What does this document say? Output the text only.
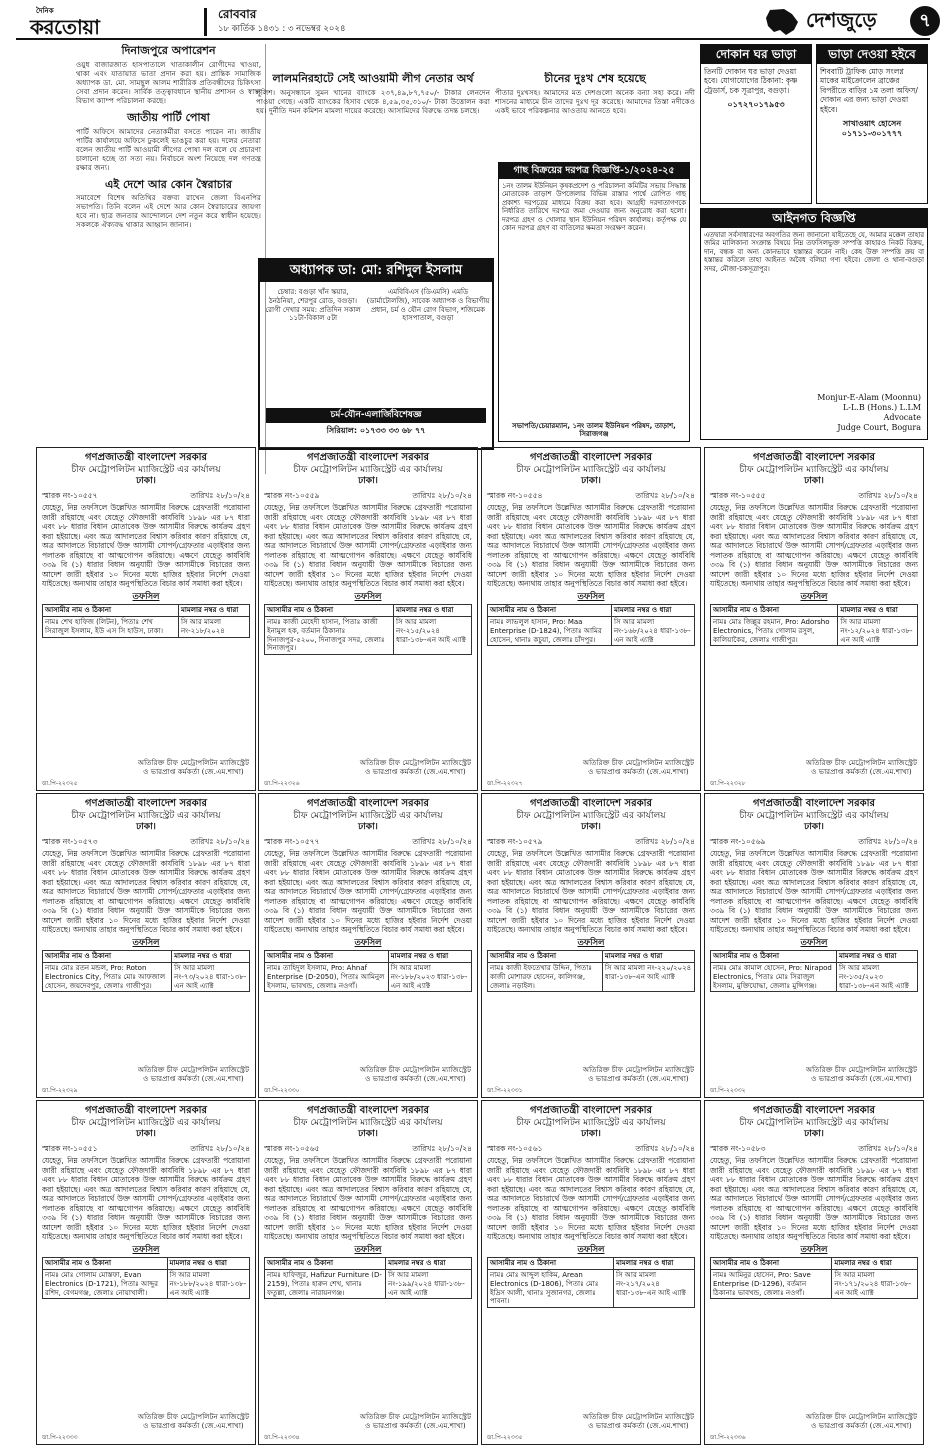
দৈনিক
করতোয়া
রোববার
১৮ কার্তিক ১৪৩১ : ৩ নভেম্বর ২০২৪	দেশজুড়ে	৭
দিনাজপুরে অপারেশন
ওয়ুধ বাজারজাত হাসপাতালে খাতাকালীন রোগীদের খাওয়া, থাকা এবং যাতায়াত ভাতা প্রদান করা হয়। প্রান্তিক সামাজিক অধ্যাপক ডা. মো. সামছুল আলম শারীরিক প্রতিবন্ধীদের চিকিৎসা সেবা প্রদান করেন। সার্বিক তত্ত্বাবধানে স্থানীয় প্রশাসন ও স্বাস্থ্য বিভাগ ক্যাম্প পরিচালনা করছে।
জাতীয় পার্টি পোষা
পার্টি অফিসে আমাদের নেতাকর্মীরা বসতে পারেন না। জাতীয় পার্টির কার্যালয়ে অফিসে ঢুকলেই ভাঙচুর করা হয়। দলের নেতারা বলেন জাতীয় পার্টি আওয়ামী লীগের পোষা দল বলে যে প্রচারণা চালানো হচ্ছে তা সত্য নয়। নির্বাচনে অংশ নিয়েছে দল গণতন্ত্র রক্ষার জন্য।
এই দেশে আর কোন স্বৈরাচার
সমাবেশে বিশেষ অতিথির বক্তব্য রাখেন জেলা বিএনপির সভাপতি। তিনি বলেন এই দেশে আর কোন স্বৈরাচারের জায়গা হবে না। ছাত্র জনতার আন্দোলনে দেশ নতুন করে স্বাধীন হয়েছে। সকলকে ঐক্যবদ্ধ থাকার আহ্বান জানান।
লালমনিরহাটে সেই আওয়ামী লীগ নেতার অর্থ
পুলিশ। অনুসন্ধানে সুমন খানের ব্যাংকে ২৩৭,৪৯,৮৭,৭৫০/- টাকার লেনদেন পাওয়া গেছে। একটি ব্যাংকের হিসাব থেকে ৪,৫৯,৩৫,৩১০/- টাকা উত্তোলন করা হয়। দুর্নীতি দমন কমিশন মামলা দায়ের করেছে। আসামিদের বিরুদ্ধে তদন্ত চলছে।
চীনের দুঃখ শেষ হয়েছে
পীতার দুঃখসহ। আমাদের মত দেশগুলো অনেক বন্যা সহ্য করে। নদী শাসনের মাধ্যমে চীন তাদের দুঃখ দূর করেছে। আমাদের তিস্তা নদীকেও একই ভাবে পরিকল্পনার আওতায় আনতে হবে।
অধ্যাপক ডা: মো: রশিদুল ইসলাম
চেম্বার: বগুড়া খাঁন স্কয়ার, ঠনঠনিয়া, শেরপুর রোড, বগুড়া। রোগী দেখার সময়: প্রতিদিন সকাল ১১টা-বিকাল ৫টা
এমবিবিএস (ডিএমসি) এমডি (ডার্মাটোলজি), সাবেক অধ্যাপক ও বিভাগীয় প্রধান, চর্ম ও যৌন রোগ বিভাগ, শজিমেক হাসপাতাল, বগুড়া
চর্ম-যৌন-এলার্জিবিশেষজ্ঞ
সিরিয়াল: ০১৭৩৩ ৩৩ ৬৮ ৭৭
গাছ বিক্রয়ের দরপত্র বিজ্ঞপ্তি-১/২০২৪-২৫
১নং তালম ইউনিয়ন কৃষকপ্রদেশ ও পরিচালনা কমিটির সভায় সিদ্ধান্ত মোতাবেক তাড়াশ উপজেলার বিভিন্ন রাস্তার পার্শ্বে রোপিত গাছ প্রকাশ্য দরপত্রের মাধ্যমে বিক্রয় করা হবে। আগ্রহী দরদাতাগণকে নির্ধারিত তারিখে দরপত্র জমা দেওয়ার জন্য অনুরোধ করা হলো। দরপত্র গ্রহণ ও খোলার স্থান ইউনিয়ন পরিষদ কার্যালয়। কর্তৃপক্ষ যে কোন দরপত্র গ্রহণ বা বাতিলের ক্ষমতা সংরক্ষণ করেন।
সভাপতি/চেয়ারম্যান, ১নং তালম ইউনিয়ন পরিষদ, তাড়াশ, সিরাজগঞ্জ
দোকান ঘর ভাড়া
তিনটি দোকান ঘর ভাড়া দেওয়া হবে। যোগাযোগের ঠিকানা: কৃষ্ণ ট্রেডার্স, চক সূত্রাপুর, বগুড়া।
০১৭২৭০১৭৯৫৩
ভাড়া দেওয়া হইবে
শিববাটি ট্রাফিক মোড় সংলগ্ন মাকের মাইক্রোলেন ব্রাঞ্চের বিপরীতে বাড়ির ১ম তলা অফিস/দোকান এর জন্য ভাড়া দেওয়া হইবে।
সাখাওয়াৎ হোসেন ০১৭১১-৩০১৭৭৭
আইনগত বিজ্ঞপ্তি
এতদ্বারা সর্বসাধারণের অবগতির জন্য জানানো যাইতেছে যে, আমার মক্কেল তাহার জমির মালিকানা সংক্রান্ত বিষয়ে নিম্ন তফসিলভুক্ত সম্পত্তি কাহারও নিকট বিক্রয়, দান, বন্ধক বা অন্য কোনভাবে হস্তান্তর করেন নাই। কেহ উক্ত সম্পত্তি ক্রয় বা হস্তান্তর করিলে তাহা আইনত অবৈধ বলিয়া গণ্য হইবে। জেলা ও থানা-বগুড়া সদর, মৌজা-চকসূত্রাপুর।
Monjur-E-Alam (Moonnu)
L-L.B (Hons.) L.LM
Advocate
Judge Court, Bogura
গণপ্রজাতন্ত্রী বাংলাদেশ সরকার
চীফ মেট্রোপলিটন ম্যাজিস্ট্রেট এর কার্যালয়
ঢাকা।
স্মারক নং-১০৫৫৭	তারিখঃ ২৮/১০/২৪
যেহেতু, নিম্ন তফসিলে উল্লেখিত আসামীর বিরুদ্ধে গ্রেফতারী পরোয়ানা জারী রহিয়াছে এবং যেহেতু ফৌজদারী কার্যবিধি ১৮৯৮ এর ৮৭ ধারা এবং ৮৮ ধারার বিধান মোতাবেক উক্ত আসামীর বিরুদ্ধে কার্যক্রম গ্রহণ করা হইয়াছে। এবং অত্র আদালতের বিশ্বাস করিবার কারণ রহিয়াছে যে, অত্র আদালতে বিচারার্থে উক্ত আসামী সোপর্দ/গ্রেফতার এড়াইবার জন্য পলাতক রহিয়াছে বা আত্মগোপন করিয়াছে। এক্ষণে যেহেতু কার্যবিধি ৩৩৯ বি (১) ধারার বিধান অনুযায়ী উক্ত আসামীকে বিচারের জন্য আদেশ জারী হইবার ১০ দিনের মধ্যে হাজির হইবার নির্দেশ দেওয়া যাইতেছে। অন্যথায় তাহার অনুপস্থিতিতে বিচার কার্য সমাধা করা হইবে।
তফসিল
আসামীর নাম ও ঠিকানা	মামলার নম্বর ও ধারা
নামঃ শেখ হাফিজ (লিটন), পিতাঃ শেখ সিরাজুল ইসলাম, ইউ এস সি হাউস, ঢাকা।	সি আর মামলা নং-২১৮/২০২৪
অতিরিক্ত চীফ মেট্রোপলিটন ম্যাজিস্ট্রেট
ও ভারপ্রাপ্ত কর্মকর্তা (জে.এম.শাখা)
ডা.পি-২২৩২৫
গণপ্রজাতন্ত্রী বাংলাদেশ সরকার
চীফ মেট্রোপলিটন ম্যাজিস্ট্রেট এর কার্যালয়
ঢাকা।
স্মারক নং-১০৫৫৯	তারিখঃ ২৮/১০/২৪
যেহেতু, নিম্ন তফসিলে উল্লেখিত আসামীর বিরুদ্ধে গ্রেফতারী পরোয়ানা জারী রহিয়াছে এবং যেহেতু ফৌজদারী কার্যবিধি ১৮৯৮ এর ৮৭ ধারা এবং ৮৮ ধারার বিধান মোতাবেক উক্ত আসামীর বিরুদ্ধে কার্যক্রম গ্রহণ করা হইয়াছে। এবং অত্র আদালতের বিশ্বাস করিবার কারণ রহিয়াছে যে, অত্র আদালতে বিচারার্থে উক্ত আসামী সোপর্দ/গ্রেফতার এড়াইবার জন্য পলাতক রহিয়াছে বা আত্মগোপন করিয়াছে। এক্ষণে যেহেতু কার্যবিধি ৩৩৯ বি (১) ধারার বিধান অনুযায়ী উক্ত আসামীকে বিচারের জন্য আদেশ জারী হইবার ১০ দিনের মধ্যে হাজির হইবার নির্দেশ দেওয়া যাইতেছে। অন্যথায় তাহার অনুপস্থিতিতে বিচার কার্য সমাধা করা হইবে।
তফসিল
আসামীর নাম ও ঠিকানা	মামলার নম্বর ও ধারা
নামঃ কাজী মেহেদী হাসান, পিতাঃ কাজী ইনামুল হক, বর্তমান ঠিকানাঃ দিনাজপুর-৫২০০, দিনাজপুর সদর, জেলাঃ দিনাজপুর।	সি আর মামলা নং-২১৫/২০২৪ ধারা-১৩৮-এন আই এ্যাক্ট
অতিরিক্ত চীফ মেট্রোপলিটন ম্যাজিস্ট্রেট
ও ভারপ্রাপ্ত কর্মকর্তা (জে.এম.শাখা)
ডা.পি-২২৩২৬
গণপ্রজাতন্ত্রী বাংলাদেশ সরকার
চীফ মেট্রোপলিটন ম্যাজিস্ট্রেট এর কার্যালয়
ঢাকা।
স্মারক নং-১০৫৫৪	তারিখঃ ২৮/১০/২৪
যেহেতু, নিম্ন তফসিলে উল্লেখিত আসামীর বিরুদ্ধে গ্রেফতারী পরোয়ানা জারী রহিয়াছে এবং যেহেতু ফৌজদারী কার্যবিধি ১৮৯৮ এর ৮৭ ধারা এবং ৮৮ ধারার বিধান মোতাবেক উক্ত আসামীর বিরুদ্ধে কার্যক্রম গ্রহণ করা হইয়াছে। এবং অত্র আদালতের বিশ্বাস করিবার কারণ রহিয়াছে যে, অত্র আদালতে বিচারার্থে উক্ত আসামী সোপর্দ/গ্রেফতার এড়াইবার জন্য পলাতক রহিয়াছে বা আত্মগোপন করিয়াছে। এক্ষণে যেহেতু কার্যবিধি ৩৩৯ বি (১) ধারার বিধান অনুযায়ী উক্ত আসামীকে বিচারের জন্য আদেশ জারী হইবার ১০ দিনের মধ্যে হাজির হইবার নির্দেশ দেওয়া যাইতেছে। অন্যথায় তাহার অনুপস্থিতিতে বিচার কার্য সমাধা করা হইবে।
তফসিল
আসামীর নাম ও ঠিকানা	মামলার নম্বর ও ধারা
নামঃ লাভলুল হাসান, Pro: Maa Enterprise (D-1824), পিতাঃ আমির হোসেন, থানাঃ কচুয়া, জেলাঃ চাঁদপুর।	সি আর মামলা নং-১৬৮/২০২৪ ধারা-১৩৮-এন আই এ্যাক্ট
অতিরিক্ত চীফ মেট্রোপলিটন ম্যাজিস্ট্রেট
ও ভারপ্রাপ্ত কর্মকর্তা (জে.এম.শাখা)
ডা.পি-২২৩২৭
গণপ্রজাতন্ত্রী বাংলাদেশ সরকার
চীফ মেট্রোপলিটন ম্যাজিস্ট্রেট এর কার্যালয়
ঢাকা।
স্মারক নং-১০৫৫৫	তারিখঃ ২৮/১০/২৪
যেহেতু, নিম্ন তফসিলে উল্লেখিত আসামীর বিরুদ্ধে গ্রেফতারী পরোয়ানা জারী রহিয়াছে এবং যেহেতু ফৌজদারী কার্যবিধি ১৮৯৮ এর ৮৭ ধারা এবং ৮৮ ধারার বিধান মোতাবেক উক্ত আসামীর বিরুদ্ধে কার্যক্রম গ্রহণ করা হইয়াছে। এবং অত্র আদালতের বিশ্বাস করিবার কারণ রহিয়াছে যে, অত্র আদালতে বিচারার্থে উক্ত আসামী সোপর্দ/গ্রেফতার এড়াইবার জন্য পলাতক রহিয়াছে বা আত্মগোপন করিয়াছে। এক্ষণে যেহেতু কার্যবিধি ৩৩৯ বি (১) ধারার বিধান অনুযায়ী উক্ত আসামীকে বিচারের জন্য আদেশ জারী হইবার ১০ দিনের মধ্যে হাজির হইবার নির্দেশ দেওয়া যাইতেছে। অন্যথায় তাহার অনুপস্থিতিতে বিচার কার্য সমাধা করা হইবে।
তফসিল
আসামীর নাম ও ঠিকানা	মামলার নম্বর ও ধারা
নামঃ মোঃ জিল্লুর রহমান, Pro: Adorsho Electronics, পিতাঃ গোলাম রসুল, কালিয়াকৈর, জেলাঃ গাজীপুর।	সি আর মামলা নং-১২/২০২৪ ধারা-১৩৮-এন আই এ্যাক্ট
অতিরিক্ত চীফ মেট্রোপলিটন ম্যাজিস্ট্রেট
ও ভারপ্রাপ্ত কর্মকর্তা (জে.এম.শাখা)
ডা.পি-২২৩২৮
গণপ্রজাতন্ত্রী বাংলাদেশ সরকার
চীফ মেট্রোপলিটন ম্যাজিস্ট্রেট এর কার্যালয়
ঢাকা।
স্মারক নং-১০৫৭৩	তারিখঃ ২৮/১০/২৪
যেহেতু, নিম্ন তফসিলে উল্লেখিত আসামীর বিরুদ্ধে গ্রেফতারী পরোয়ানা জারী রহিয়াছে এবং যেহেতু ফৌজদারী কার্যবিধি ১৮৯৮ এর ৮৭ ধারা এবং ৮৮ ধারার বিধান মোতাবেক উক্ত আসামীর বিরুদ্ধে কার্যক্রম গ্রহণ করা হইয়াছে। এবং অত্র আদালতের বিশ্বাস করিবার কারণ রহিয়াছে যে, অত্র আদালতে বিচারার্থে উক্ত আসামী সোপর্দ/গ্রেফতার এড়াইবার জন্য পলাতক রহিয়াছে বা আত্মগোপন করিয়াছে। এক্ষণে যেহেতু কার্যবিধি ৩৩৯ বি (১) ধারার বিধান অনুযায়ী উক্ত আসামীকে বিচারের জন্য আদেশ জারী হইবার ১০ দিনের মধ্যে হাজির হইবার নির্দেশ দেওয়া যাইতেছে। অন্যথায় তাহার অনুপস্থিতিতে বিচার কার্য সমাধা করা হইবে।
তফসিল
আসামীর নাম ও ঠিকানা	মামলার নম্বর ও ধারা
নামঃ মোঃ রতন মন্ডল, Pro: Roton Electronics City, পিতাঃ মোঃ আফজাল হোসেন, জয়দেবপুর, জেলাঃ গাজীপুর।	সি আর মামলা নং-৭৩/২০২৪ ধারা-১৩৮-এন আই এ্যাক্ট
অতিরিক্ত চীফ মেট্রোপলিটন ম্যাজিস্ট্রেট
ও ভারপ্রাপ্ত কর্মকর্তা (জে.এম.শাখা)
ডা.পি-২২৩২৯
গণপ্রজাতন্ত্রী বাংলাদেশ সরকার
চীফ মেট্রোপলিটন ম্যাজিস্ট্রেট এর কার্যালয়
ঢাকা।
স্মারক নং-১০৫৭৭	তারিখঃ ২৮/১০/২৪
যেহেতু, নিম্ন তফসিলে উল্লেখিত আসামীর বিরুদ্ধে গ্রেফতারী পরোয়ানা জারী রহিয়াছে এবং যেহেতু ফৌজদারী কার্যবিধি ১৮৯৮ এর ৮৭ ধারা এবং ৮৮ ধারার বিধান মোতাবেক উক্ত আসামীর বিরুদ্ধে কার্যক্রম গ্রহণ করা হইয়াছে। এবং অত্র আদালতের বিশ্বাস করিবার কারণ রহিয়াছে যে, অত্র আদালতে বিচারার্থে উক্ত আসামী সোপর্দ/গ্রেফতার এড়াইবার জন্য পলাতক রহিয়াছে বা আত্মগোপন করিয়াছে। এক্ষণে যেহেতু কার্যবিধি ৩৩৯ বি (১) ধারার বিধান অনুযায়ী উক্ত আসামীকে বিচারের জন্য আদেশ জারী হইবার ১০ দিনের মধ্যে হাজির হইবার নির্দেশ দেওয়া যাইতেছে। অন্যথায় তাহার অনুপস্থিতিতে বিচার কার্য সমাধা করা হইবে।
তফসিল
আসামীর নাম ও ঠিকানা	মামলার নম্বর ও ধারা
নামঃ তাহিদুল ইসলাম, Pro: Ahnaf Enterprise (D-2050), পিতাঃ আমিনুল ইসলাম, ভাবখন্ড, জেলাঃ নওগাঁ।	সি আর মামলা নং-১৮৮/২০২৩ ধারা-১৩৮-এন আই এ্যাক্ট
অতিরিক্ত চীফ মেট্রোপলিটন ম্যাজিস্ট্রেট
ও ভারপ্রাপ্ত কর্মকর্তা (জে.এম.শাখা)
ডা.পি-২২৩৩০
গণপ্রজাতন্ত্রী বাংলাদেশ সরকার
চীফ মেট্রোপলিটন ম্যাজিস্ট্রেট এর কার্যালয়
ঢাকা।
স্মারক নং-১০৫৭৯	তারিখঃ ২৮/১০/২৪
যেহেতু, নিম্ন তফসিলে উল্লেখিত আসামীর বিরুদ্ধে গ্রেফতারী পরোয়ানা জারী রহিয়াছে এবং যেহেতু ফৌজদারী কার্যবিধি ১৮৯৮ এর ৮৭ ধারা এবং ৮৮ ধারার বিধান মোতাবেক উক্ত আসামীর বিরুদ্ধে কার্যক্রম গ্রহণ করা হইয়াছে। এবং অত্র আদালতের বিশ্বাস করিবার কারণ রহিয়াছে যে, অত্র আদালতে বিচারার্থে উক্ত আসামী সোপর্দ/গ্রেফতার এড়াইবার জন্য পলাতক রহিয়াছে বা আত্মগোপন করিয়াছে। এক্ষণে যেহেতু কার্যবিধি ৩৩৯ বি (১) ধারার বিধান অনুযায়ী উক্ত আসামীকে বিচারের জন্য আদেশ জারী হইবার ১০ দিনের মধ্যে হাজির হইবার নির্দেশ দেওয়া যাইতেছে। অন্যথায় তাহার অনুপস্থিতিতে বিচার কার্য সমাধা করা হইবে।
তফসিল
আসামীর নাম ও ঠিকানা	মামলার নম্বর ও ধারা
নামঃ কাজী ইফতেখার উদ্দিন, পিতাঃ কাজী মোশারফ হোসেন, কালিগঞ্জ, জেলাঃ নড়াইল।	সি আর মামলা নং-২২০/২০২৪ ধারা-১৩৮-এন আই এ্যাক্ট
অতিরিক্ত চীফ মেট্রোপলিটন ম্যাজিস্ট্রেট
ও ভারপ্রাপ্ত কর্মকর্তা (জে.এম.শাখা)
ডা.পি-২২৩৩১
গণপ্রজাতন্ত্রী বাংলাদেশ সরকার
চীফ মেট্রোপলিটন ম্যাজিস্ট্রেট এর কার্যালয়
ঢাকা।
স্মারক নং-১০৫৬৯	তারিখঃ ২৮/১০/২৪
যেহেতু, নিম্ন তফসিলে উল্লেখিত আসামীর বিরুদ্ধে গ্রেফতারী পরোয়ানা জারী রহিয়াছে এবং যেহেতু ফৌজদারী কার্যবিধি ১৮৯৮ এর ৮৭ ধারা এবং ৮৮ ধারার বিধান মোতাবেক উক্ত আসামীর বিরুদ্ধে কার্যক্রম গ্রহণ করা হইয়াছে। এবং অত্র আদালতের বিশ্বাস করিবার কারণ রহিয়াছে যে, অত্র আদালতে বিচারার্থে উক্ত আসামী সোপর্দ/গ্রেফতার এড়াইবার জন্য পলাতক রহিয়াছে বা আত্মগোপন করিয়াছে। এক্ষণে যেহেতু কার্যবিধি ৩৩৯ বি (১) ধারার বিধান অনুযায়ী উক্ত আসামীকে বিচারের জন্য আদেশ জারী হইবার ১০ দিনের মধ্যে হাজির হইবার নির্দেশ দেওয়া যাইতেছে। অন্যথায় তাহার অনুপস্থিতিতে বিচার কার্য সমাধা করা হইবে।
তফসিল
আসামীর নাম ও ঠিকানা	মামলার নম্বর ও ধারা
নামঃ মোঃ কামাল হোসেন, Pro: Nirapod Electronics, পিতাঃ মোঃ সিরাজুল ইসলাম, মুক্তিযোদ্ধা, জেলাঃ মুন্সিগঞ্জ।	সি আর মামলা নং-১৩৫/২০২৩ ধারা-১৩৮-এন আই এ্যাক্ট
অতিরিক্ত চীফ মেট্রোপলিটন ম্যাজিস্ট্রেট
ও ভারপ্রাপ্ত কর্মকর্তা (জে.এম.শাখা)
ডা.পি-২২৩৩২
গণপ্রজাতন্ত্রী বাংলাদেশ সরকার
চীফ মেট্রোপলিটন ম্যাজিস্ট্রেট এর কার্যালয়
ঢাকা।
স্মারক নং-১০৫৫১	তারিখঃ ২৮/১০/২৪
যেহেতু, নিম্ন তফসিলে উল্লেখিত আসামীর বিরুদ্ধে গ্রেফতারী পরোয়ানা জারী রহিয়াছে এবং যেহেতু ফৌজদারী কার্যবিধি ১৮৯৮ এর ৮৭ ধারা এবং ৮৮ ধারার বিধান মোতাবেক উক্ত আসামীর বিরুদ্ধে কার্যক্রম গ্রহণ করা হইয়াছে। এবং অত্র আদালতের বিশ্বাস করিবার কারণ রহিয়াছে যে, অত্র আদালতে বিচারার্থে উক্ত আসামী সোপর্দ/গ্রেফতার এড়াইবার জন্য পলাতক রহিয়াছে বা আত্মগোপন করিয়াছে। এক্ষণে যেহেতু কার্যবিধি ৩৩৯ বি (১) ধারার বিধান অনুযায়ী উক্ত আসামীকে বিচারের জন্য আদেশ জারী হইবার ১০ দিনের মধ্যে হাজির হইবার নির্দেশ দেওয়া যাইতেছে। অন্যথায় তাহার অনুপস্থিতিতে বিচার কার্য সমাধা করা হইবে।
তফসিল
আসামীর নাম ও ঠিকানা	মামলার নম্বর ও ধারা
নামঃ মোঃ গোলাম মোস্তফা, Evan Electronics (D-1721), পিতাঃ আব্দুর রশিদ, বেগমগঞ্জ, জেলাঃ নোয়াখালী।	সি আর মামলা নং-১৮৮/২০২৪ ধারা-১৩৮-এন আই এ্যাক্ট
অতিরিক্ত চীফ মেট্রোপলিটন ম্যাজিস্ট্রেট
ও ভারপ্রাপ্ত কর্মকর্তা (জে.এম.শাখা)
ডা.পি-২২৩৩৩
গণপ্রজাতন্ত্রী বাংলাদেশ সরকার
চীফ মেট্রোপলিটন ম্যাজিস্ট্রেট এর কার্যালয়
ঢাকা।
স্মারক নং-১০৫৬৫	তারিখঃ ২৮/১০/২৪
যেহেতু, নিম্ন তফসিলে উল্লেখিত আসামীর বিরুদ্ধে গ্রেফতারী পরোয়ানা জারী রহিয়াছে এবং যেহেতু ফৌজদারী কার্যবিধি ১৮৯৮ এর ৮৭ ধারা এবং ৮৮ ধারার বিধান মোতাবেক উক্ত আসামীর বিরুদ্ধে কার্যক্রম গ্রহণ করা হইয়াছে। এবং অত্র আদালতের বিশ্বাস করিবার কারণ রহিয়াছে যে, অত্র আদালতে বিচারার্থে উক্ত আসামী সোপর্দ/গ্রেফতার এড়াইবার জন্য পলাতক রহিয়াছে বা আত্মগোপন করিয়াছে। এক্ষণে যেহেতু কার্যবিধি ৩৩৯ বি (১) ধারার বিধান অনুযায়ী উক্ত আসামীকে বিচারের জন্য আদেশ জারী হইবার ১০ দিনের মধ্যে হাজির হইবার নির্দেশ দেওয়া যাইতেছে। অন্যথায় তাহার অনুপস্থিতিতে বিচার কার্য সমাধা করা হইবে।
তফসিল
আসামীর নাম ও ঠিকানা	মামলার নম্বর ও ধারা
নামঃ হাফিজুর, Hafizur Furniture (D-2159), পিতাঃ হারুন শেখ, থানাঃ ফতুল্লা, জেলাঃ নারায়নগঞ্জ।	সি আর মামলা নং-১৯৯/২০২৪ ধারা-১৩৮-এন আই এ্যাক্ট
অতিরিক্ত চীফ মেট্রোপলিটন ম্যাজিস্ট্রেট
ও ভারপ্রাপ্ত কর্মকর্তা (জে.এম.শাখা)
ডা.পি-২২৩৩৪
গণপ্রজাতন্ত্রী বাংলাদেশ সরকার
চীফ মেট্রোপলিটন ম্যাজিস্ট্রেট এর কার্যালয়
ঢাকা।
স্মারক নং-১০৫৬১	তারিখঃ ২৮/১০/২৪
যেহেতু, নিম্ন তফসিলে উল্লেখিত আসামীর বিরুদ্ধে গ্রেফতারী পরোয়ানা জারী রহিয়াছে এবং যেহেতু ফৌজদারী কার্যবিধি ১৮৯৮ এর ৮৭ ধারা এবং ৮৮ ধারার বিধান মোতাবেক উক্ত আসামীর বিরুদ্ধে কার্যক্রম গ্রহণ করা হইয়াছে। এবং অত্র আদালতের বিশ্বাস করিবার কারণ রহিয়াছে যে, অত্র আদালতে বিচারার্থে উক্ত আসামী সোপর্দ/গ্রেফতার এড়াইবার জন্য পলাতক রহিয়াছে বা আত্মগোপন করিয়াছে। এক্ষণে যেহেতু কার্যবিধি ৩৩৯ বি (১) ধারার বিধান অনুযায়ী উক্ত আসামীকে বিচারের জন্য আদেশ জারী হইবার ১০ দিনের মধ্যে হাজির হইবার নির্দেশ দেওয়া যাইতেছে। অন্যথায় তাহার অনুপস্থিতিতে বিচার কার্য সমাধা করা হইবে।
তফসিল
আসামীর নাম ও ঠিকানা	মামলার নম্বর ও ধারা
নামঃ মোঃ আব্দুল হাকিম, Arean Electronics (D-1806), পিতাঃ মোঃ ইদ্রিস আলী, থানাঃ সুজানগর, জেলাঃ পাবনা।	সি আর মামলা নং-২১৭/২০২৪ ধারা-১৩৮-এন আই এ্যাক্ট
অতিরিক্ত চীফ মেট্রোপলিটন ম্যাজিস্ট্রেট
ও ভারপ্রাপ্ত কর্মকর্তা (জে.এম.শাখা)
ডা.পি-২২৩৩৫
গণপ্রজাতন্ত্রী বাংলাদেশ সরকার
চীফ মেট্রোপলিটন ম্যাজিস্ট্রেট এর কার্যালয়
ঢাকা।
স্মারক নং-১০৫৮৩	তারিখঃ ২৮/১০/২৪
যেহেতু, নিম্ন তফসিলে উল্লেখিত আসামীর বিরুদ্ধে গ্রেফতারী পরোয়ানা জারী রহিয়াছে এবং যেহেতু ফৌজদারী কার্যবিধি ১৮৯৮ এর ৮৭ ধারা এবং ৮৮ ধারার বিধান মোতাবেক উক্ত আসামীর বিরুদ্ধে কার্যক্রম গ্রহণ করা হইয়াছে। এবং অত্র আদালতের বিশ্বাস করিবার কারণ রহিয়াছে যে, অত্র আদালতে বিচারার্থে উক্ত আসামী সোপর্দ/গ্রেফতার এড়াইবার জন্য পলাতক রহিয়াছে বা আত্মগোপন করিয়াছে। এক্ষণে যেহেতু কার্যবিধি ৩৩৯ বি (১) ধারার বিধান অনুযায়ী উক্ত আসামীকে বিচারের জন্য আদেশ জারী হইবার ১০ দিনের মধ্যে হাজির হইবার নির্দেশ দেওয়া যাইতেছে। অন্যথায় তাহার অনুপস্থিতিতে বিচার কার্য সমাধা করা হইবে।
তফসিল
আসামীর নাম ও ঠিকানা	মামলার নম্বর ও ধারা
নামঃ আমিনুর হোসেন, Pro: Save Enterprise (D-1296), বর্তমান ঠিকানাঃ ভাবখন্ড, জেলাঃ নওগাঁ।	সি আর মামলা নং-১৭১/২০২৪ ধারা-১৩৮-এন আই এ্যাক্ট
অতিরিক্ত চীফ মেট্রোপলিটন ম্যাজিস্ট্রেট
ও ভারপ্রাপ্ত কর্মকর্তা (জে.এম.শাখা)
ডা.পি-২২৩৩৬
